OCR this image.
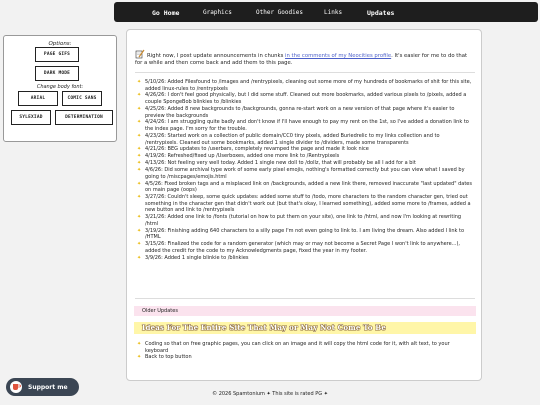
Go Home	Graphics	Other Goodies	Links	Updates
Options:
PAGE GIFS
DARK MODE
Change body font:
ARIAL	COMIC SANS
SYLEXIAD	DETERMINATION
Right now, I post update announcements in chunks in the comments of my Neocities profile. It's easier for me to do that for a while and then come back and add them to this page.
✦ 5/10/26: Added Filesfound to /images and /rentrypixels, cleaning out some more of my hundreds of bookmarks of shit for this site, added linux-rules to /rentrypixels
✦ 4/26/26: I don't feel good physically, but I did some stuff. Cleaned out more bookmarks, added various pixels to /pixels, added a couple SpongeBob blinkies to /blinkies
✦ 4/25/26: Added 8 new backgrounds to /backgrounds, gonna re-start work on a new version of that page where it's easier to preview the backgrounds
✦ 4/24/26: I am struggling quite badly and don't know if I'll have enough to pay my rent on the 1st, so I've added a donation link to the index page. I'm sorry for the trouble.
✦ 4/23/26: Started work on a collection of public domain/CC0 tiny pixels, added Buriedrelic to my links collection and to /rentrypixels. Cleaned out some bookmarks, added 1 single divider to /dividers, made some transparents
✦ 4/21/26: BEG updates to /userbars, completely revamped the page and made it look nice
✦ 4/19/26: Refreshed/fixed up /Userboxes, added one more link to /Rentrypixels
✦ 4/13/26: Not feeling very well today. Added 1 single new doll to /dollz, that will probably be all I add for a bit
✦ 4/6/26: Did some archival type work of some early pixel emojis, nothing's formatted correctly but you can view what I saved by going to /miscpages/emojis.html
✦ 4/5/26: Fixed broken tags and a misplaced link on /backgrounds, added a new link there, removed inaccurate "last updated" dates on main page (oops)
✦ 3/27/26: Couldn't sleep, some quick updates: added some stuff to /todo, more characters to the random character gen, tried out something in the character gen that didn't work out (but that's okay, I learned something), added some more to /frames, added a new button and link to /rentrypixels
✦ 3/21/26: Added one link to /fonts (tutorial on how to put them on your site), one link to /html, and now I'm looking at rewriting /html
✦ 3/19/26: Finishing adding 640 characters to a silly page I'm not even going to link to. I am living the dream. Also added I link to /HTML
✦ 3/15/26: Finalized the code for a random generator (which may or may not become a Secret Page I won't link to anywhere...), added the credit for the code to my Acknowledgments page, fixed the year in my footer.
✦ 3/9/26: Added 1 single blinkie to /blinkies
Older Updates
Ideas For The Entire Site That May or May Not Come To Be
✦ Coding so that on free graphic pages, you can click on an image and it will copy the html code for it, with alt text, to your keyboard
✦ Back to top button
Support me
© 2026 Spamtonium ✦ This site is rated PG ✦
